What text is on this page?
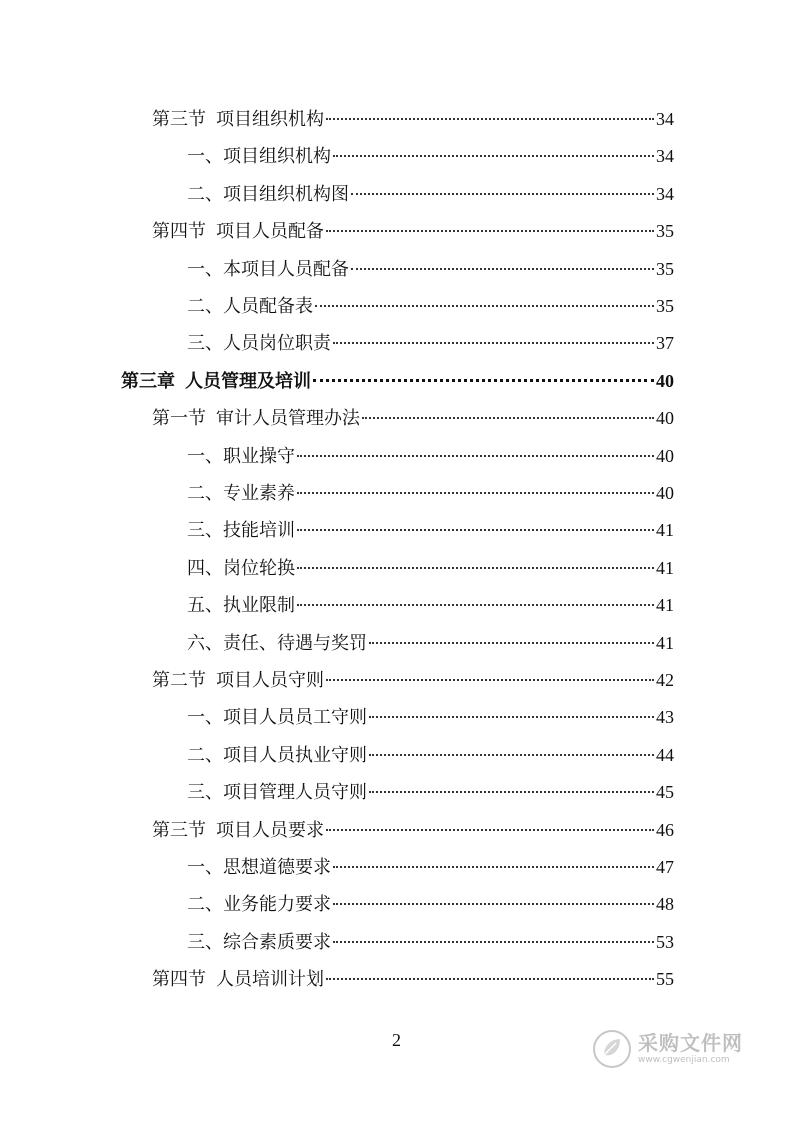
第三节 项目组织机构	34
一、项目组织机构	34
二、项目组织机构图	34
第四节 项目人员配备	35
一、本项目人员配备	35
二、人员配备表	35
三、人员岗位职责	37
第三章 人员管理及培训	40
第一节 审计人员管理办法	40
一、职业操守	40
二、专业素养	40
三、技能培训	41
四、岗位轮换	41
五、执业限制	41
六、责任、待遇与奖罚	41
第二节 项目人员守则	42
一、项目人员员工守则	43
二、项目人员执业守则	44
三、项目管理人员守则	45
第三节 项目人员要求	46
一、思想道德要求	47
二、业务能力要求	48
三、综合素质要求	53
第四节 人员培训计划	55
2	采购文件网
www.cgwenjian.com
